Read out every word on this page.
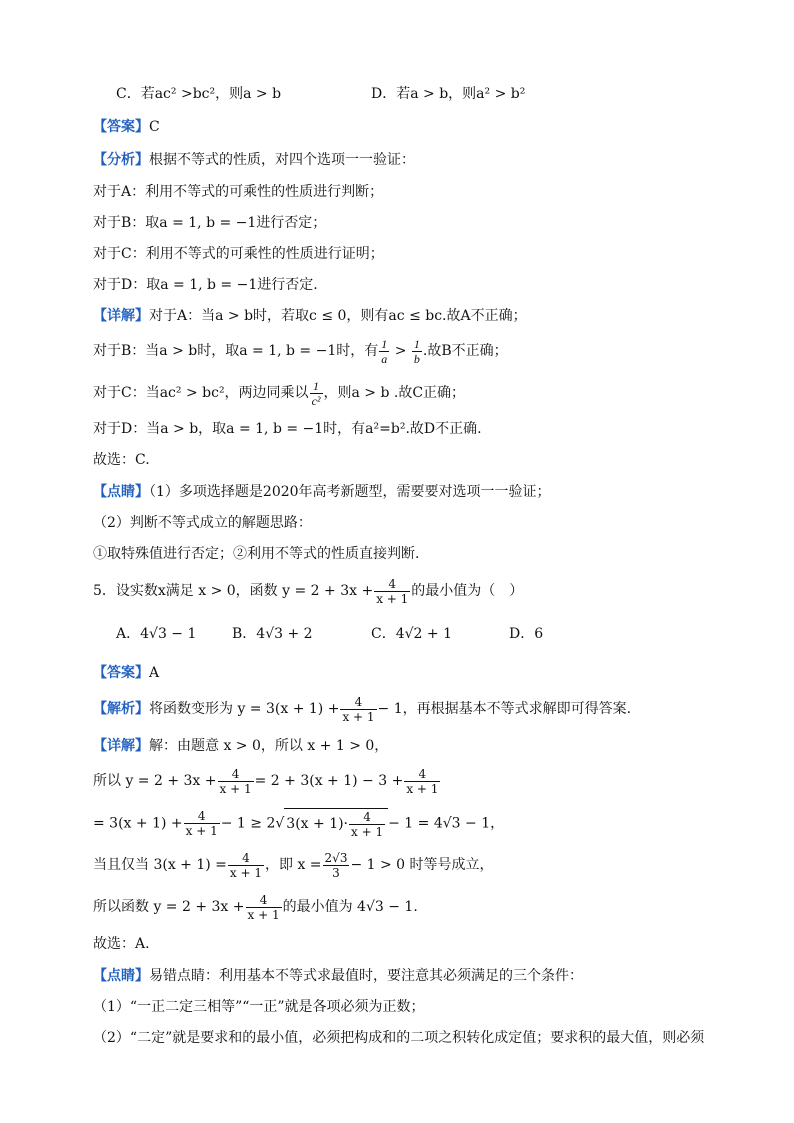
C．若ac² >bc²，则a > b	D．若a > b，则a² > b²
【答案】C
【分析】根据不等式的性质，对四个选项一一验证：
对于A：利用不等式的可乘性的性质进行判断；
对于B：取a = 1, b = −1进行否定；
对于C：利用不等式的可乘性的性质进行证明；
对于D：取a = 1, b = −1进行否定.
【详解】对于A：当a > b时，若取c ≤ 0，则有ac ≤ bc.故A不正确；
对于B：当a > b时，取a = 1, b = −1时，有 $\frac{1}{a} > \frac{1}{b}$ .故B不正确；
对于C：当ac² > bc²，两边同乘以 $\frac{1}{\text{c²}}$ ，则a > b .故C正确；
对于D：当a > b，取a = 1, b = −1时，有a²=b².故D不正确.
故选：C.
【点睛】（1）多项选择题是2020年高考新题型，需要要对选项一一验证；
（2）判断不等式成立的解题思路：
①取特殊值进行否定；②利用不等式的性质直接判断.
5．设实数x满足 x > 0，函数 $y = 2 + 3x + \frac{4}{x + 1}$ 的最小值为（　）
A．4√3 − 1	B．4√3 + 2	C．4√2 + 1	D．6
【答案】A
【解析】将函数变形为 $y = 3(x + 1) + \frac{4}{x + 1} - 1$，再根据基本不等式求解即可得答案.
【详解】解：由题意 x > 0，所以 x + 1 > 0，
所以 $y = 2 + 3x + \frac{4}{x + 1} = 2 + 3(x + 1) - 3 + \frac{4}{x + 1}$
= $3(x + 1) + \frac{4}{x + 1} - 1 \ge 2√$ $3(x + 1)\cdot \frac{4}{x + 1} - 1 = 4√3 - 1$，
当且仅当 $3(x + 1) = \frac{4}{x + 1}$ ，即 $x = \frac{2√3}{3} - 1 > 0$ 时等号成立，
所以函数 $y = 2 + 3x + \frac{4}{x + 1}$ 的最小值为 4√3 − 1.
故选：A.
【点睛】易错点睛：利用基本不等式求最值时，要注意其必须满足的三个条件：
（1）“一正二定三相等”“一正”就是各项必须为正数；
（2）“二定”就是要求和的最小值，必须把构成和的二项之积转化成定值；要求积的最大值，则必须
